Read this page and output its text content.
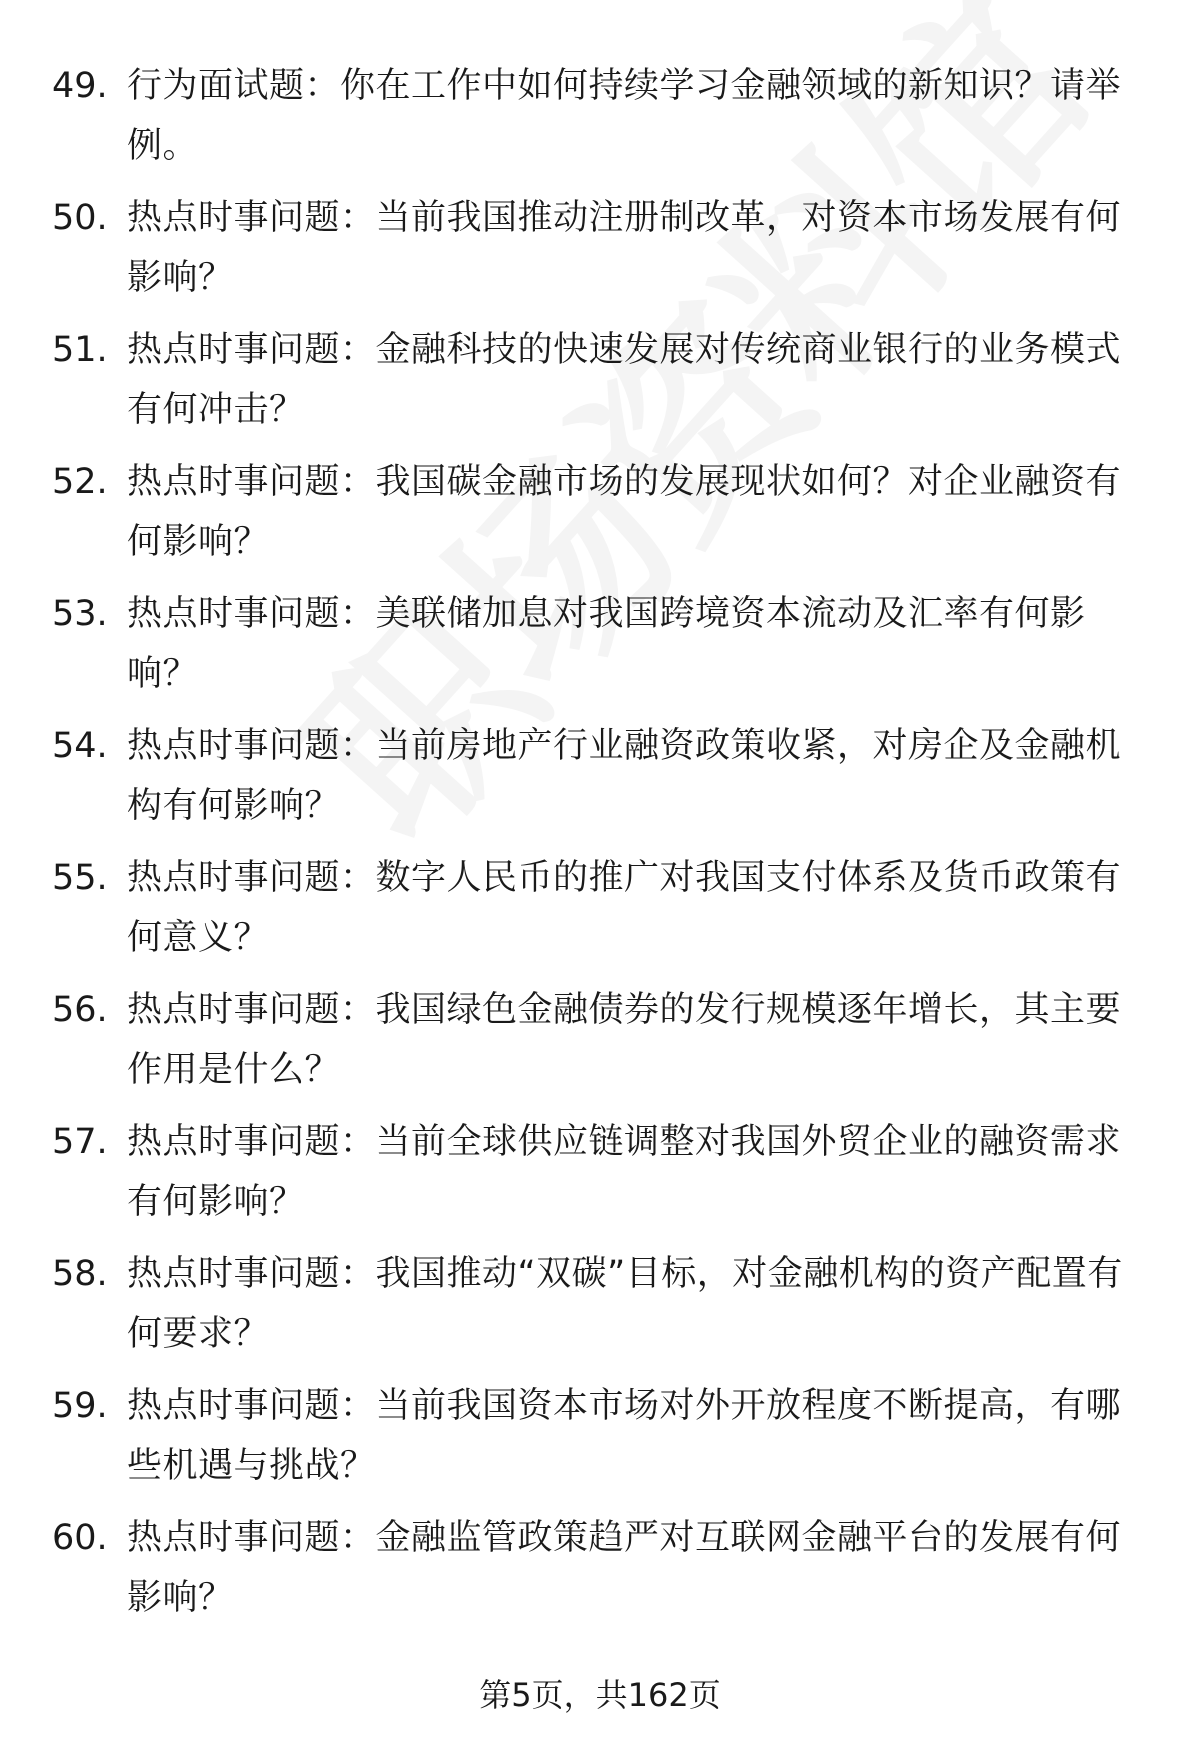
49. 行为面试题：你在工作中如何持续学习金融领域的新知识？请举例。
50. 热点时事问题：当前我国推动注册制改革，对资本市场发展有何影响？
51. 热点时事问题：金融科技的快速发展对传统商业银行的业务模式有何冲击？
52. 热点时事问题：我国碳金融市场的发展现状如何？对企业融资有何影响？
53. 热点时事问题：美联储加息对我国跨境资本流动及汇率有何影响？
54. 热点时事问题：当前房地产行业融资政策收紧，对房企及金融机构有何影响？
55. 热点时事问题：数字人民币的推广对我国支付体系及货币政策有何意义？
56. 热点时事问题：我国绿色金融债券的发行规模逐年增长，其主要作用是什么？
57. 热点时事问题：当前全球供应链调整对我国外贸企业的融资需求有何影响？
58. 热点时事问题：我国推动“双碳”目标，对金融机构的资产配置有何要求？
59. 热点时事问题：当前我国资本市场对外开放程度不断提高，有哪些机遇与挑战？
60. 热点时事问题：金融监管政策趋严对互联网金融平台的发展有何影响？
第5页，共162页
